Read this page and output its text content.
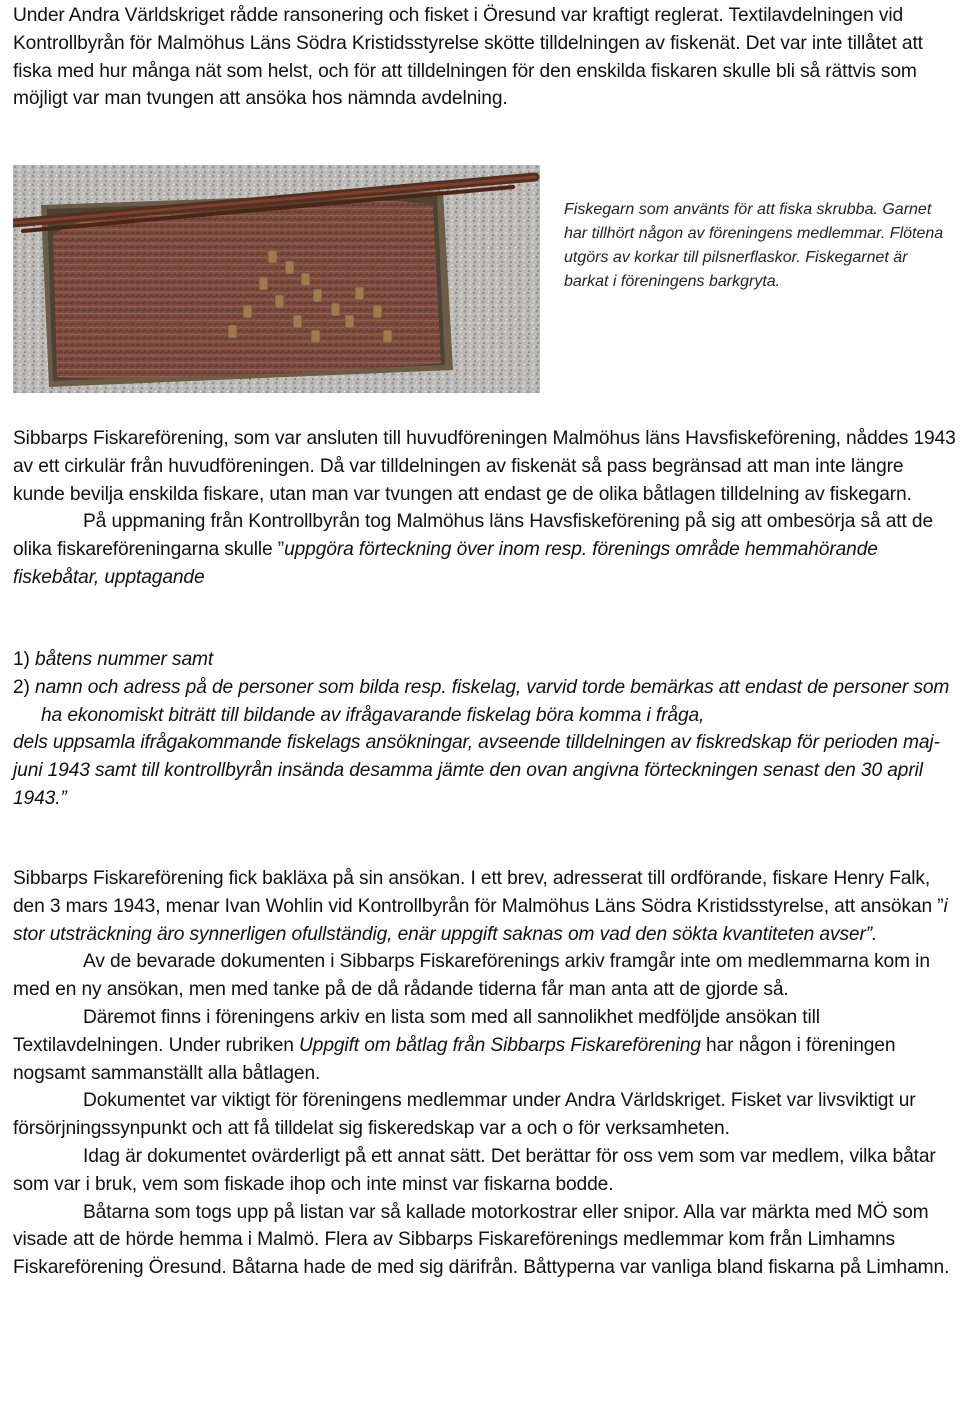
Under Andra Världskriget rådde ransonering och fisket i Öresund var kraftigt reglerat. Textilavdelningen vid Kontrollbyrån för Malmöhus Läns Södra Kristidsstyrelse skötte tilldelningen av fiskenät. Det var inte tillåtet att fiska med hur många nät som helst, och för att tilldelningen för den enskilda fiskaren skulle bli så rättvis som möjligt var man tvungen att ansöka hos nämnda avdelning.

Fiskegarn som använts för att fiska skrubba. Garnet har tillhört någon av föreningens medlemmar. Flötena utgörs av korkar till pilsnerflaskor. Fiskegarnet är barkat i föreningens barkgryta.

Sibbarps Fiskareförening, som var ansluten till huvudföreningen Malmöhus läns Havsfiskeförening, nåddes 1943 av ett cirkulär från huvudföreningen. Då var tilldelningen av fiskenät så pass begränsad att man inte längre kunde bevilja enskilda fiskare, utan man var tvungen att endast ge de olika båtlagen tilldelning av fiskegarn.

På uppmaning från Kontrollbyrån tog Malmöhus läns Havsfiskeförening på sig att ombesörja så att de olika fiskareföreningarna skulle ”uppgöra förteckning över inom resp. förenings område hemmahörande fiskebåtar, upptagande

1) båtens nummer samt

2) namn och adress på de personer som bilda resp. fiskelag, varvid torde bemärkas att endast de personer som ha ekonomiskt biträtt till bildande av ifrågavarande fiskelag böra komma i fråga,

dels uppsamla ifrågakommande fiskelags ansökningar, avseende tilldelningen av fiskredskap för perioden maj-juni 1943 samt till kontrollbyrån insända desamma jämte den ovan angivna förteckningen senast den 30 april 1943.”

Sibbarps Fiskareförening fick bakläxa på sin ansökan. I ett brev, adresserat till ordförande, fiskare Henry Falk, den 3 mars 1943, menar Ivan Wohlin vid Kontrollbyrån för Malmöhus Läns Södra Kristidsstyrelse, att ansökan ”i stor utsträckning äro synnerligen ofullständig, enär uppgift saknas om vad den sökta kvantiteten avser”.

Av de bevarade dokumenten i Sibbarps Fiskareförenings arkiv framgår inte om medlemmarna kom in med en ny ansökan, men med tanke på de då rådande tiderna får man anta att de gjorde så.

Däremot finns i föreningens arkiv en lista som med all sannolikhet medföljde ansökan till Textilavdelningen. Under rubriken Uppgift om båtlag från Sibbarps Fiskareförening har någon i föreningen nogsamt sammanställt alla båtlagen.

Dokumentet var viktigt för föreningens medlemmar under Andra Världskriget. Fisket var livsviktigt ur försörjningssynpunkt och att få tilldelat sig fiskeredskap var a och o för verksamheten.

Idag är dokumentet ovärderligt på ett annat sätt. Det berättar för oss vem som var medlem, vilka båtar som var i bruk, vem som fiskade ihop och inte minst var fiskarna bodde.

Båtarna som togs upp på listan var så kallade motorkostrar eller snipor. Alla var märkta med MÖ som visade att de hörde hemma i Malmö. Flera av Sibbarps Fiskareförenings medlemmar kom från Limhamns Fiskareförening Öresund. Båtarna hade de med sig därifrån. Båttyperna var vanliga bland fiskarna på Limhamn.
